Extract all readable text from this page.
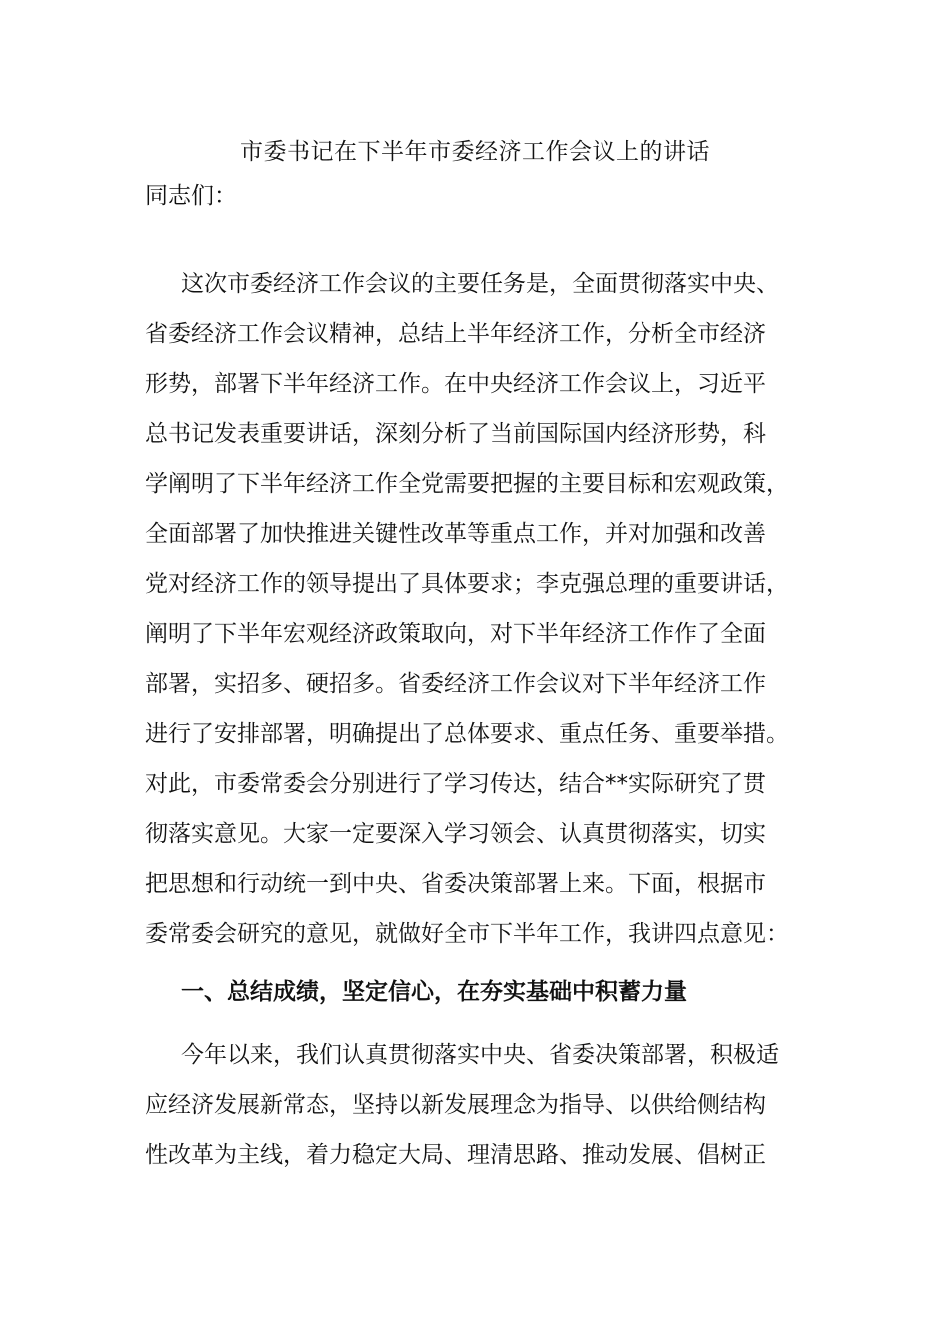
市委书记在下半年市委经济工作会议上的讲话
同志们：
这次市委经济工作会议的主要任务是，全面贯彻落实中央、
省委经济工作会议精神，总结上半年经济工作，分析全市经济
形势，部署下半年经济工作。在中央经济工作会议上，习近平
总书记发表重要讲话，深刻分析了当前国际国内经济形势，科
学阐明了下半年经济工作全党需要把握的主要目标和宏观政策，
全面部署了加快推进关键性改革等重点工作，并对加强和改善
党对经济工作的领导提出了具体要求；李克强总理的重要讲话，
阐明了下半年宏观经济政策取向，对下半年经济工作作了全面
部署，实招多、硬招多。省委经济工作会议对下半年经济工作
进行了安排部署，明确提出了总体要求、重点任务、重要举措。
对此，市委常委会分别进行了学习传达，结合**实际研究了贯
彻落实意见。大家一定要深入学习领会、认真贯彻落实，切实
把思想和行动统一到中央、省委决策部署上来。下面，根据市
委常委会研究的意见，就做好全市下半年工作，我讲四点意见：
一、总结成绩，坚定信心，在夯实基础中积蓄力量
今年以来，我们认真贯彻落实中央、省委决策部署，积极适
应经济发展新常态，坚持以新发展理念为指导、以供给侧结构
性改革为主线，着力稳定大局、理清思路、推动发展、倡树正
